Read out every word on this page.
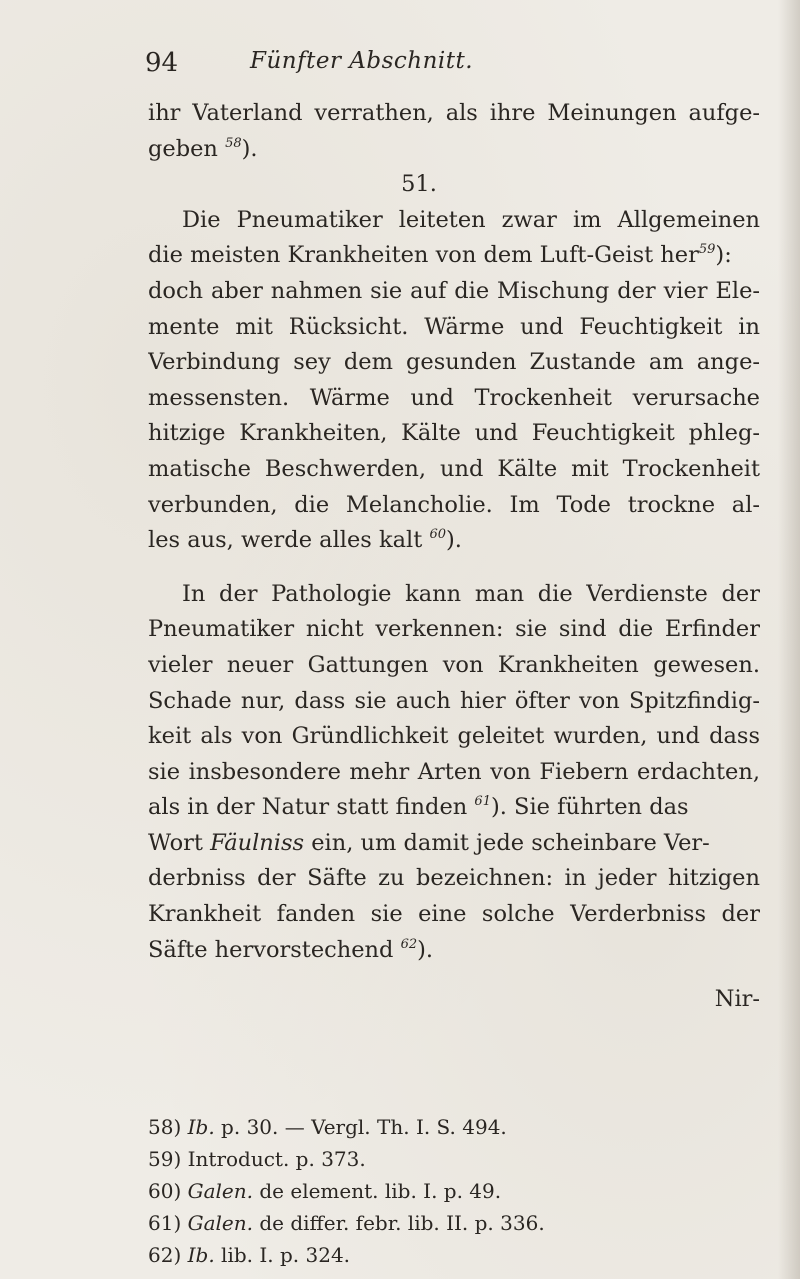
94	Fünfter Abschnitt.
ihr Vaterland verrathen, als ihre Meinungen aufge-
geben $^{58}$).
51.
Die Pneumatiker leiteten zwar im Allgemeinen
die meisten Krankheiten von dem Luft-Geist her$^{59}$):
doch aber nahmen sie auf die Mischung der vier Ele-
mente mit Rücksicht. Wärme und Feuchtigkeit in
Verbindung sey dem gesunden Zustande am ange-
messensten. Wärme und Trockenheit verursache
hitzige Krankheiten, Kälte und Feuchtigkeit phleg-
matische Beschwerden, und Kälte mit Trockenheit
verbunden, die Melancholie. Im Tode trockne al-
les aus, werde alles kalt $^{60}$).
In der Pathologie kann man die Verdienste der
Pneumatiker nicht verkennen: sie sind die Erfinder
vieler neuer Gattungen von Krankheiten gewesen.
Schade nur, dass sie auch hier öfter von Spitzfindig-
keit als von Gründlichkeit geleitet wurden, und dass
sie insbesondere mehr Arten von Fiebern erdachten,
als in der Natur statt finden $^{61}$). Sie führten das
Wort Fäulniss ein, um damit jede scheinbare Ver-
derbniss der Säfte zu bezeichnen: in jeder hitzigen
Krankheit fanden sie eine solche Verderbniss der
Säfte hervorstechend $^{62}$).
Nir-
58) Ib. p. 30. — Vergl. Th. I. S. 494.
59) Introduct. p. 373.
60) Galen. de element. lib. I. p. 49.
61) Galen. de differ. febr. lib. II. p. 336.
62) Ib. lib. I. p. 324.
